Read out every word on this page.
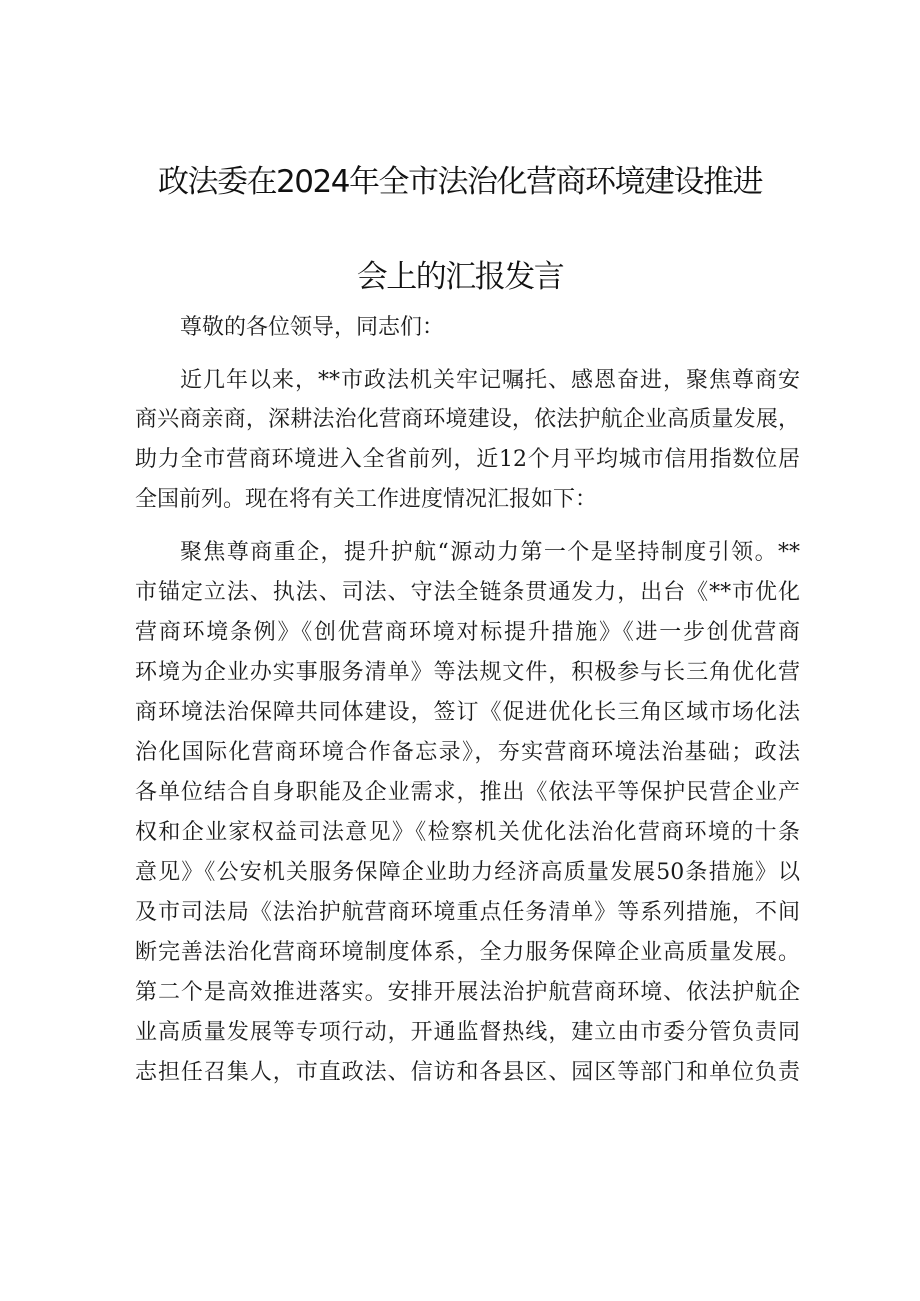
政法委在2024年全市法治化营商环境建设推进
会上的汇报发言
尊敬的各位领导，同志们：
近几年以来，**市政法机关牢记嘱托、感恩奋进，聚焦尊商安
商兴商亲商，深耕法治化营商环境建设，依法护航企业高质量发展，
助力全市营商环境进入全省前列，近12个月平均城市信用指数位居
全国前列。现在将有关工作进度情况汇报如下：
聚焦尊商重企，提升护航“源动力第一个是坚持制度引领。**
市锚定立法、执法、司法、守法全链条贯通发力，出台《**市优化
营商环境条例》《创优营商环境对标提升措施》《进一步创优营商
环境为企业办实事服务清单》等法规文件，积极参与长三角优化营
商环境法治保障共同体建设，签订《促进优化长三角区域市场化法
治化国际化营商环境合作备忘录》，夯实营商环境法治基础；政法
各单位结合自身职能及企业需求，推出《依法平等保护民营企业产
权和企业家权益司法意见》《检察机关优化法治化营商环境的十条
意见》《公安机关服务保障企业助力经济高质量发展50条措施》以
及市司法局《法治护航营商环境重点任务清单》等系列措施，不间
断完善法治化营商环境制度体系，全力服务保障企业高质量发展。
第二个是高效推进落实。安排开展法治护航营商环境、依法护航企
业高质量发展等专项行动，开通监督热线，建立由市委分管负责同
志担任召集人，市直政法、信访和各县区、园区等部门和单位负责
